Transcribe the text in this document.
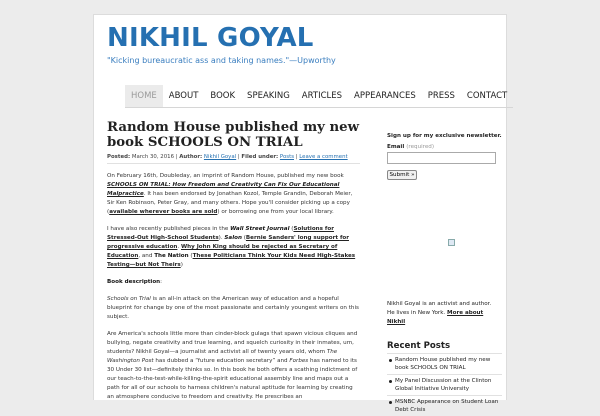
NIKHIL GOYAL
"Kicking bureaucratic ass and taking names."—Upworthy
HOME	ABOUT	BOOK	SPEAKING	ARTICLES	APPEARANCES	PRESS	CONTACT
Random House published my new book SCHOOLS ON TRIAL
Posted: March 30, 2016 | Author: Nikhil Goyal | Filed under: Posts | Leave a comment

On February 16th, Doubleday, an imprint of Random House, published my new book SCHOOLS ON TRIAL: How Freedom and Creativity Can Fix Our Educational Malpractice. It has been endorsed by Jonathan Kozol, Temple Grandin, Deborah Meier, Sir Ken Robinson, Peter Gray, and many others. Hope you'll consider picking up a copy (available wherever books are sold) or borrowing one from your local library.

I have also recently published pieces in the Wall Street Journal (Solutions for Stressed-Out High-School Students). Salon (Bernie Sanders' long support for progressive education. Why John King should be rejected as Secretary of Education, and The Nation (These Politicians Think Your Kids Need High-Stakes Testing—but Not Theirs)

Book description:

Schools on Trial is an all-in attack on the American way of education and a hopeful blueprint for change by one of the most passionate and certainly youngest writers on this subject.

Are America's schools little more than cinder-block gulags that spawn vicious cliques and bullying, negate creativity and true learning, and squelch curiosity in their inmates, um, students? Nikhil Goyal—a journalist and activist all of twenty years old, whom The Washington Post has dubbed a “future education secretary” and Forbes has named to its 30 Under 30 list—definitely thinks so. In this book he both offers a scathing indictment of our teach-to-the-test-while-killing-the-spirit educational assembly line and maps out a path for all of our schools to harness children's natural aptitude for learning by creating an atmosphere conducive to freedom and creativity. He prescribes an

Sign up for my exclusive newsletter.
Email (required)
Submit »
Nikhil Goyal is an activist and author. He lives in New York. More about Nikhil
Recent Posts
Random House published my new book SCHOOLS ON TRIAL
My Panel Discussion at the Clinton Global Initiative University
MSNBC Appearance on Student Loan Debt Crisis
